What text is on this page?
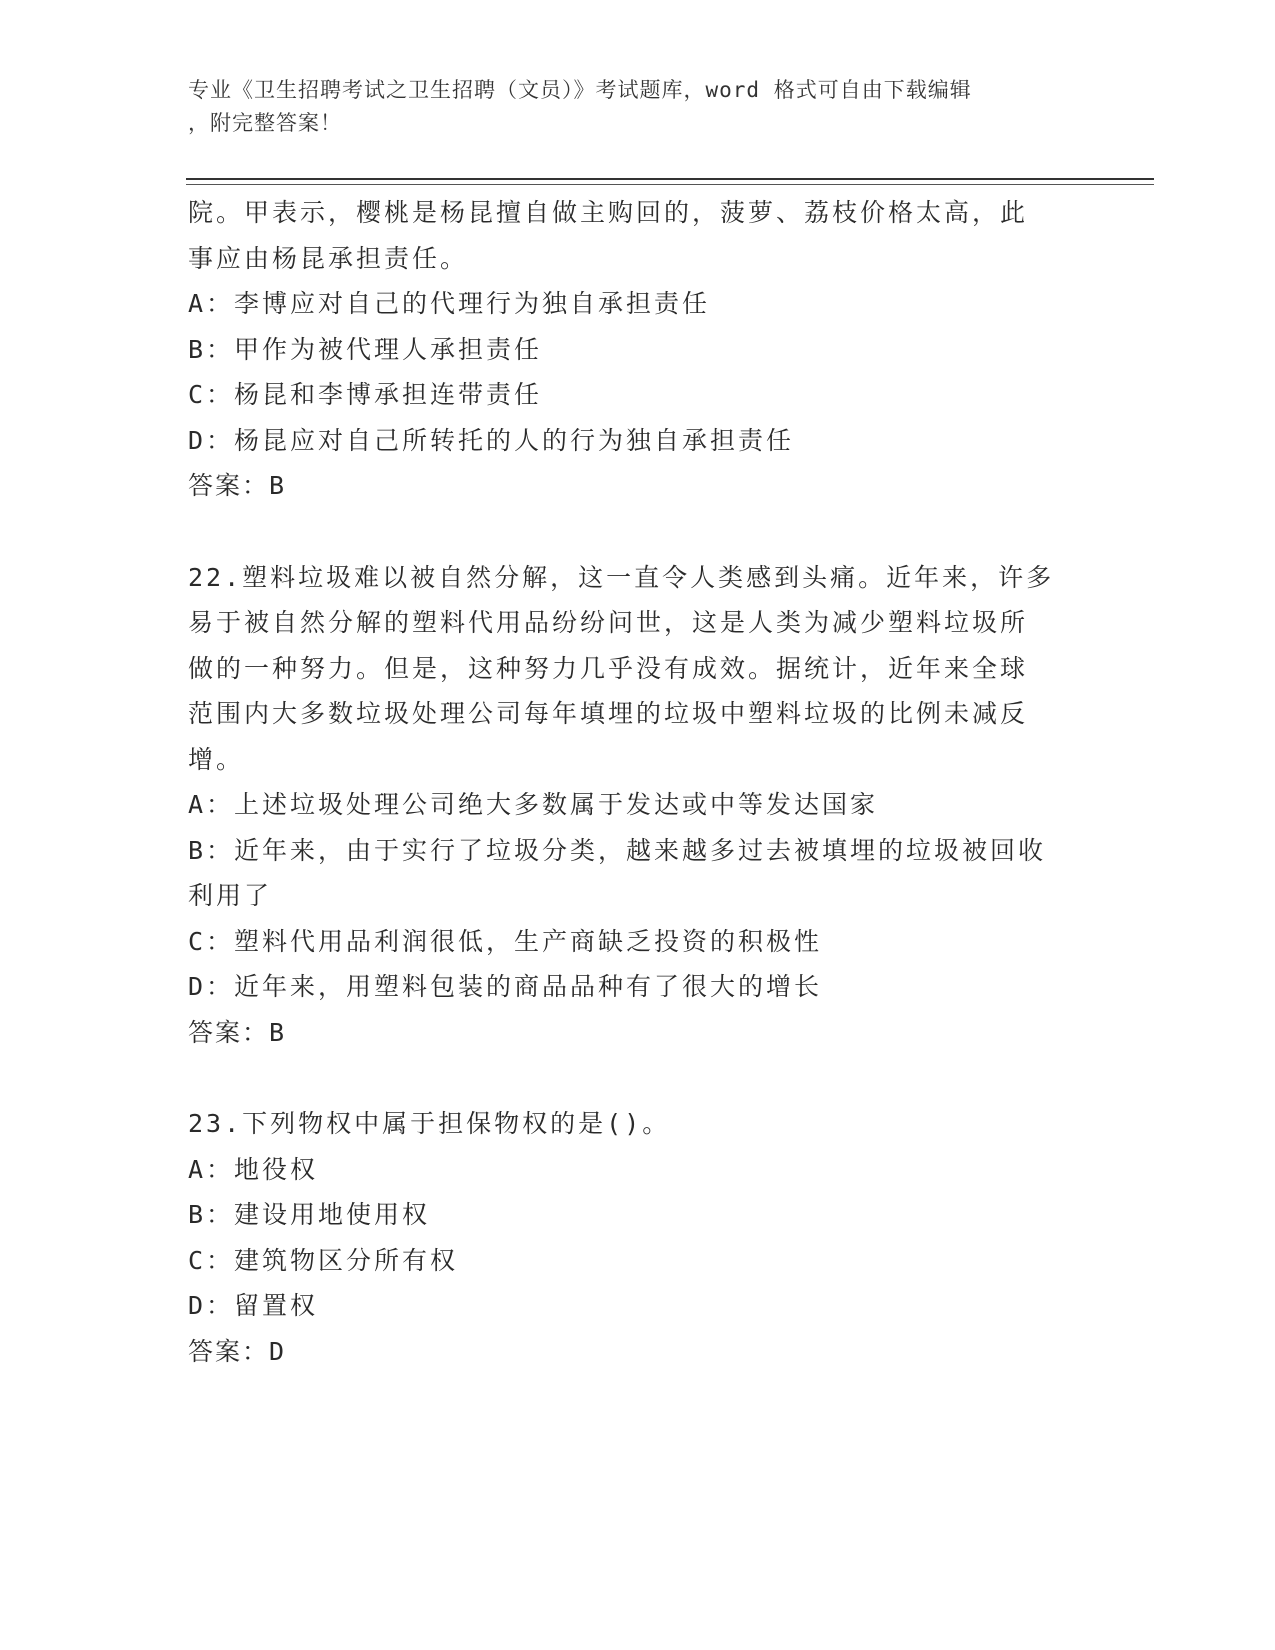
专业《卫生招聘考试之卫生招聘（文员）》考试题库，word 格式可自由下载编辑
，附完整答案！

院。甲表示，樱桃是杨昆擅自做主购回的，菠萝、荔枝价格太高，此

事应由杨昆承担责任。

A：李博应对自己的代理行为独自承担责任

B：甲作为被代理人承担责任

C：杨昆和李博承担连带责任

D：杨昆应对自己所转托的人的行为独自承担责任

答案：B

22.塑料垃圾难以被自然分解，这一直令人类感到头痛。近年来，许多

易于被自然分解的塑料代用品纷纷问世，这是人类为减少塑料垃圾所

做的一种努力。但是，这种努力几乎没有成效。据统计，近年来全球

范围内大多数垃圾处理公司每年填埋的垃圾中塑料垃圾的比例未减反

增。

A：上述垃圾处理公司绝大多数属于发达或中等发达国家

B：近年来，由于实行了垃圾分类，越来越多过去被填埋的垃圾被回收

利用了

C：塑料代用品利润很低，生产商缺乏投资的积极性

D：近年来，用塑料包装的商品品种有了很大的增长

答案：B

23.下列物权中属于担保物权的是()。

A：地役权

B：建设用地使用权

C：建筑物区分所有权

D：留置权

答案：D
